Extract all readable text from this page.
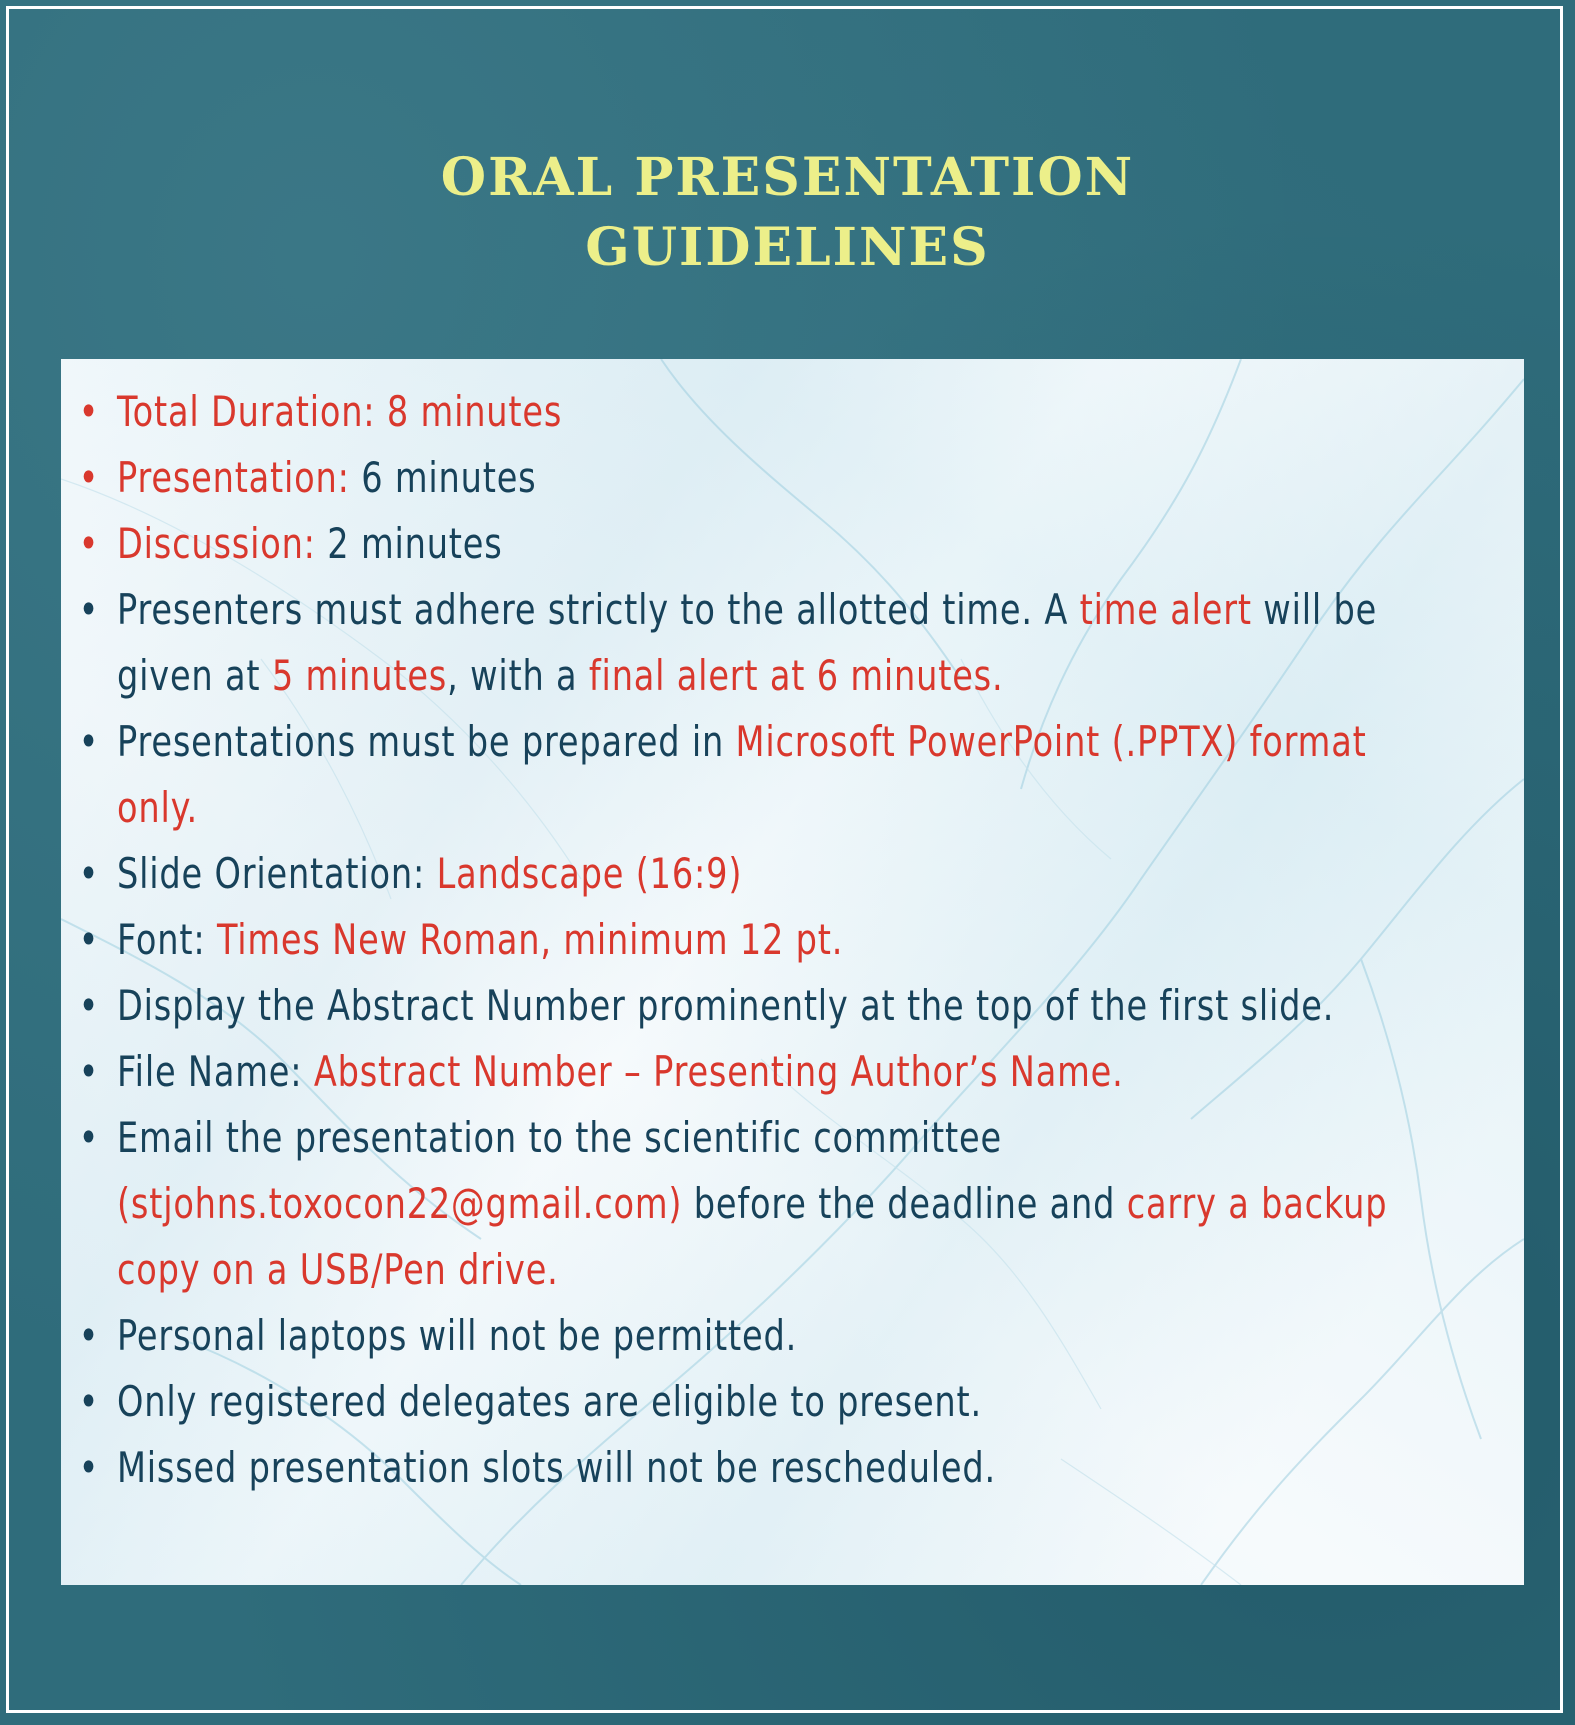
ORAL PRESENTATION
GUIDELINES
• Total Duration: 8 minutes
• Presentation: 6 minutes
• Discussion: 2 minutes
• Presenters must adhere strictly to the allotted time. A time alert will be given at 5 minutes, with a final alert at 6 minutes.
• Presentations must be prepared in Microsoft PowerPoint (.PPTX) format only.
• Slide Orientation: Landscape (16:9)
• Font: Times New Roman, minimum 12 pt.
• Display the Abstract Number prominently at the top of the first slide.
• File Name: Abstract Number – Presenting Author’s Name.
• Email the presentation to the scientific committee (stjohns.toxocon22@gmail.com) before the deadline and carry a backup copy on a USB/Pen drive.
• Personal laptops will not be permitted.
• Only registered delegates are eligible to present.
• Missed presentation slots will not be rescheduled.
